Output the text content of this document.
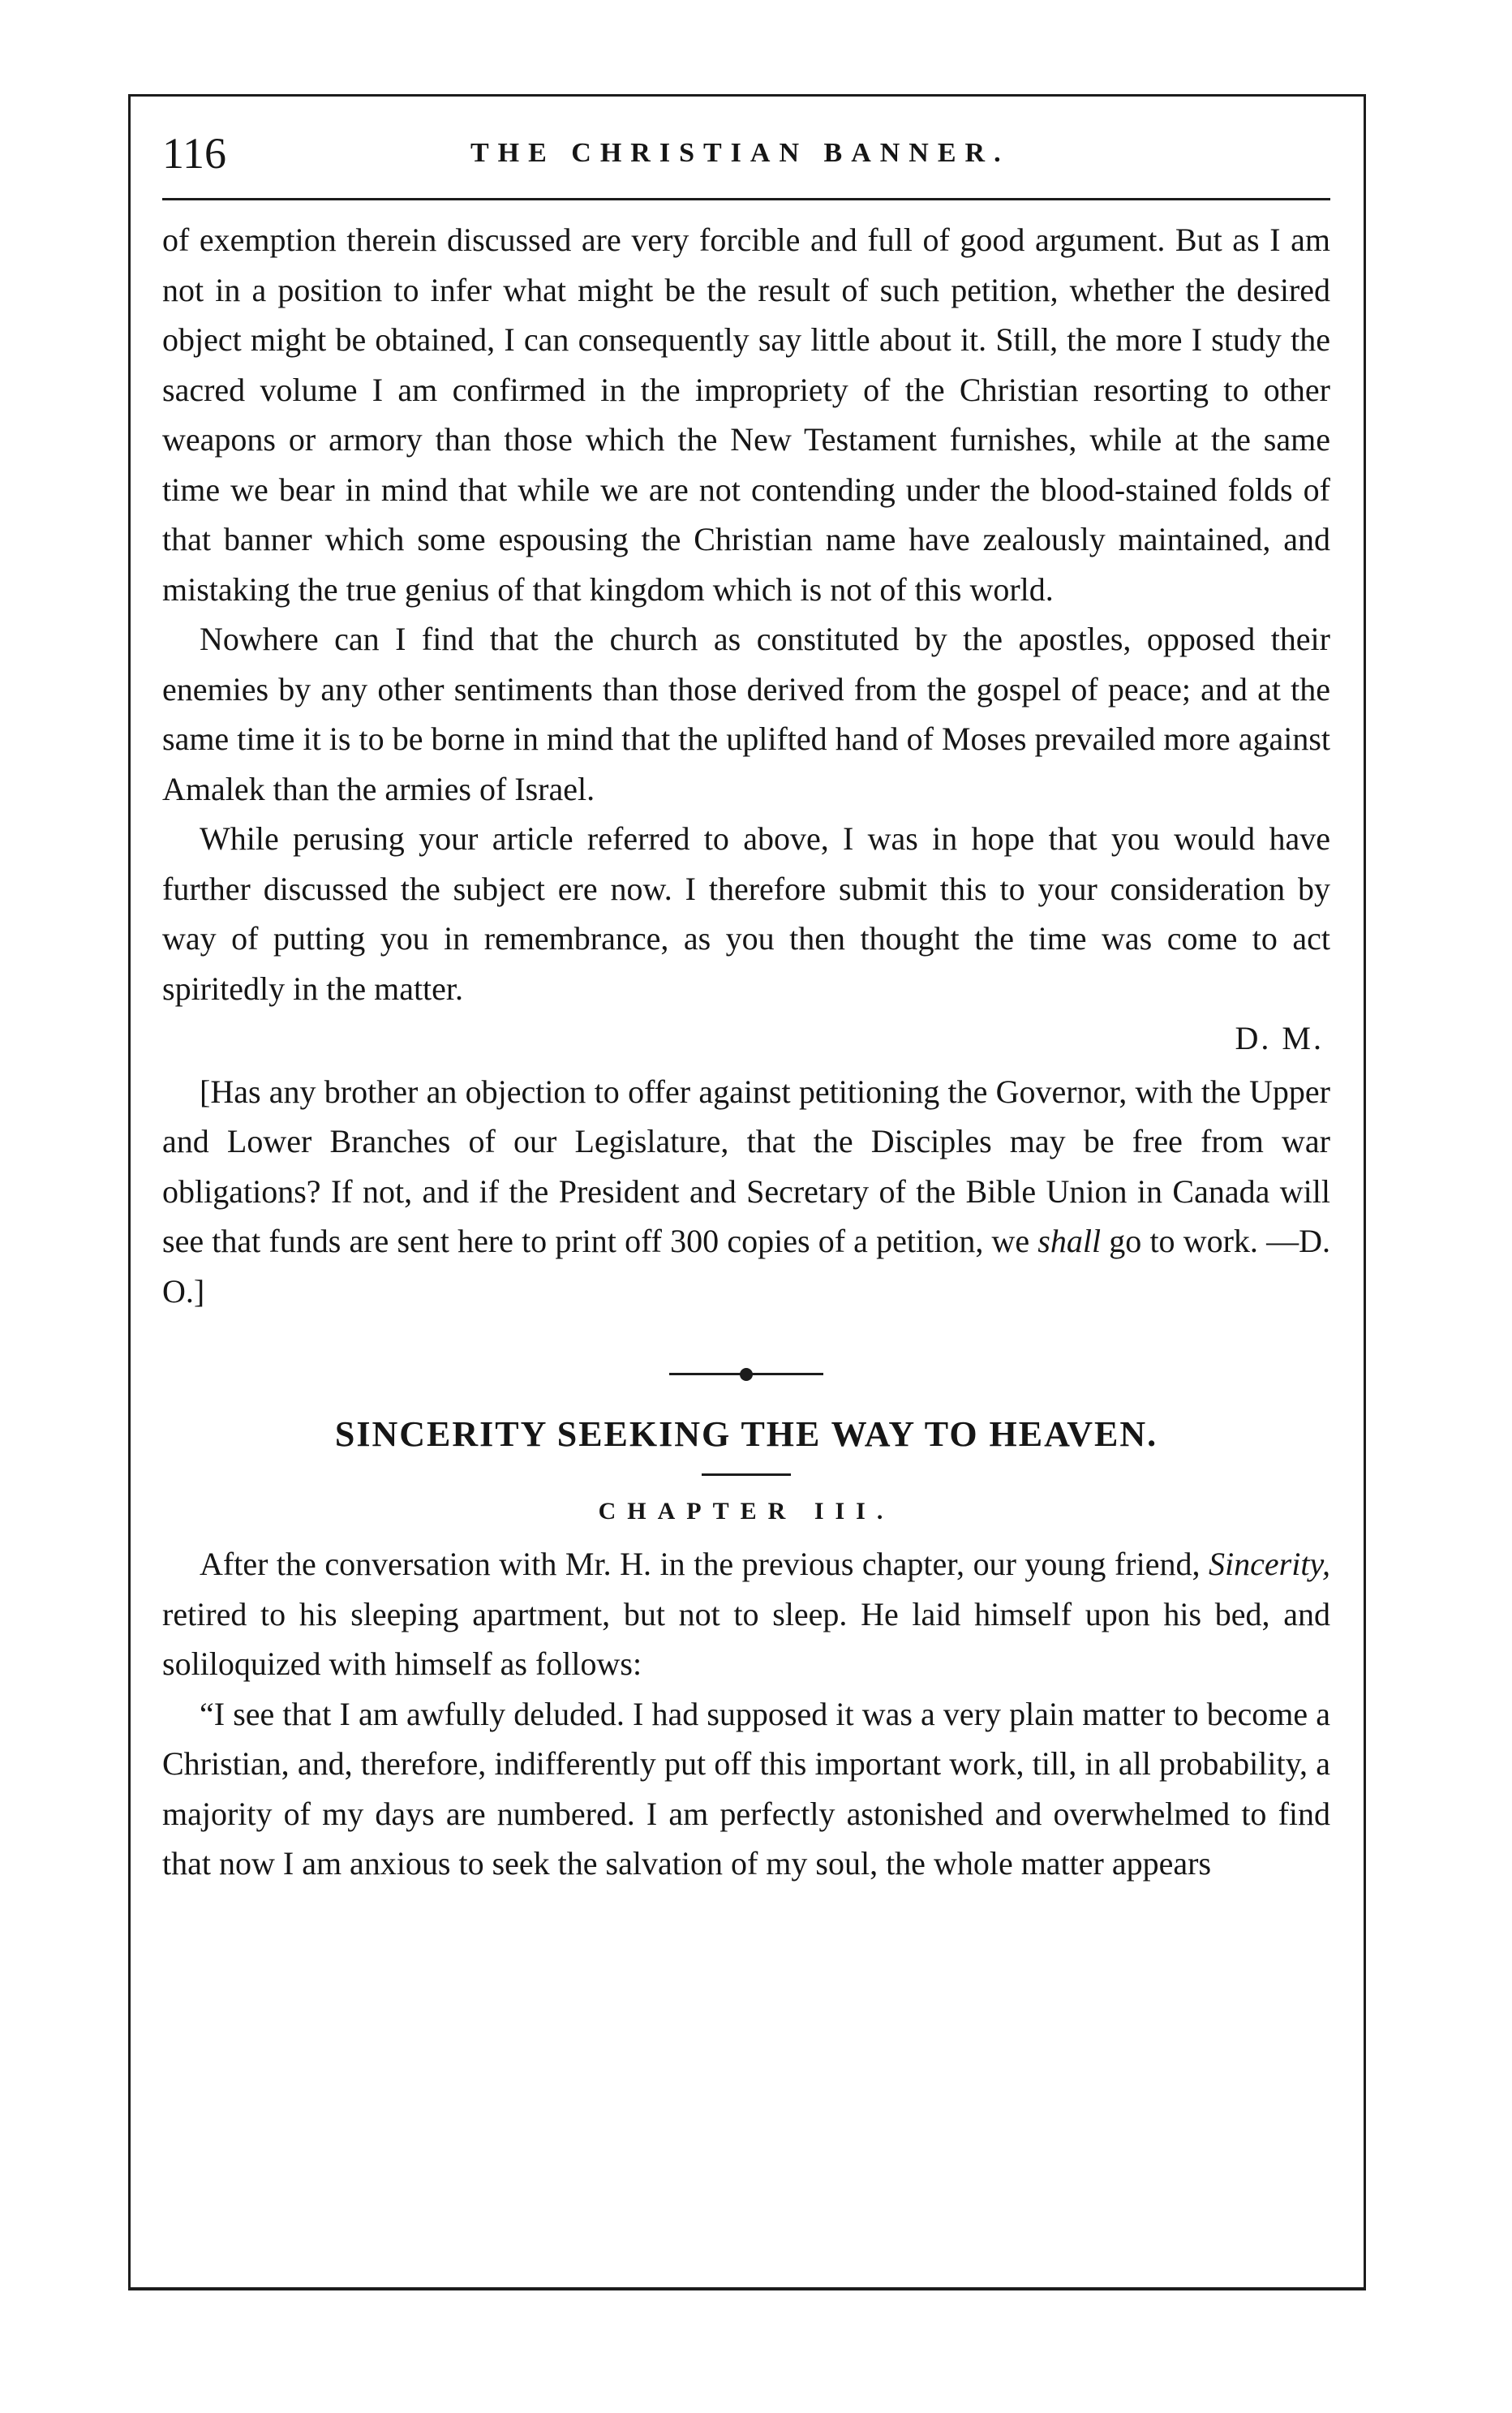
116	THE CHRISTIAN BANNER.

of exemption therein discussed are very forcible and full of good argument. But as I am not in a position to infer what might be the result of such petition, whether the desired object might be obtained, I can consequently say little about it. Still, the more I study the sacred volume I am confirmed in the impropriety of the Christian resorting to other weapons or armory than those which the New Testament furnishes, while at the same time we bear in mind that while we are not contending under the blood-stained folds of that banner which some espousing the Christian name have zealously maintained, and mistaking the true genius of that kingdom which is not of this world.

Nowhere can I find that the church as constituted by the apostles, opposed their enemies by any other sentiments than those derived from the gospel of peace; and at the same time it is to be borne in mind that the uplifted hand of Moses prevailed more against Amalek than the armies of Israel.

While perusing your article referred to above, I was in hope that you would have further discussed the subject ere now. I therefore submit this to your consideration by way of putting you in remembrance, as you then thought the time was come to act spiritedly in the matter.

D. M.

[Has any brother an objection to offer against petitioning the Governor, with the Upper and Lower Branches of our Legislature, that the Disciples may be free from war obligations? If not, and if the President and Secretary of the Bible Union in Canada will see that funds are sent here to print off 300 copies of a petition, we shall go to work. —D. O.]

SINCERITY SEEKING THE WAY TO HEAVEN.
CHAPTER III.

After the conversation with Mr. H. in the previous chapter, our young friend, Sincerity, retired to his sleeping apartment, but not to sleep. He laid himself upon his bed, and soliloquized with himself as follows:

“I see that I am awfully deluded. I had supposed it was a very plain matter to become a Christian, and, therefore, indifferently put off this important work, till, in all probability, a majority of my days are numbered. I am perfectly astonished and overwhelmed to find that now I am anxious to seek the salvation of my soul, the whole matter appears
